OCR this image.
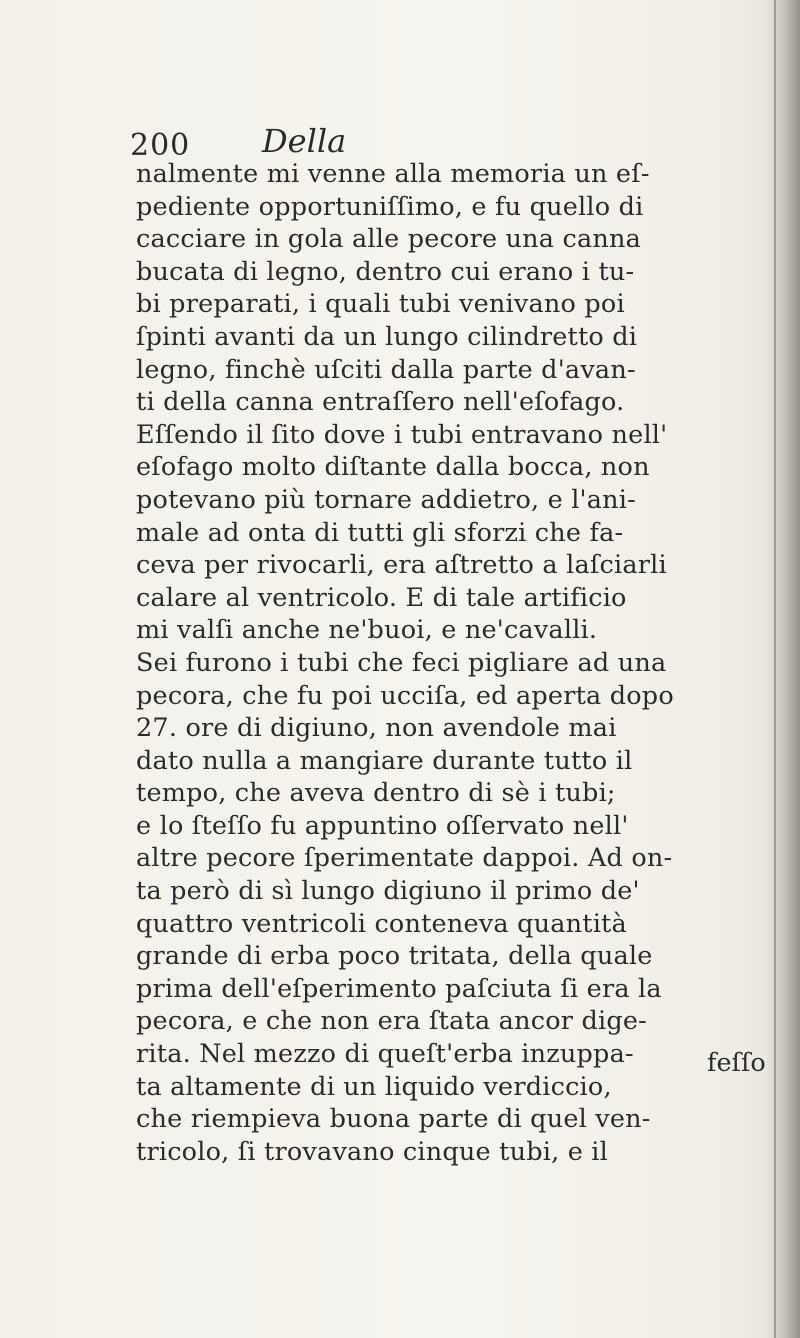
200 Della
nalmente mi venne alla memoria un eſ-
pediente opportuniſſimo, e fu quello di
cacciare in gola alle pecore una canna
bucata di legno, dentro cui erano i tu-
bi preparati, i quali tubi venivano poi
ſpinti avanti da un lungo cilindretto di
legno, finchè uſciti dalla parte d'avan-
ti della canna entraſſero nell'eſofago.
Eſſendo il ſito dove i tubi entravano nell'
eſofago molto diſtante dalla bocca, non
potevano più tornare addietro, e l'ani-
male ad onta di tutti gli sforzi che fa-
ceva per rivocarli, era aſtretto a laſciarli
calare al ventricolo. E di tale artificio
mi valſi anche ne'buoi, e ne'cavalli.
Sei furono i tubi che feci pigliare ad una
pecora, che fu poi ucciſa, ed aperta dopo
27. ore di digiuno, non avendole mai
dato nulla a mangiare durante tutto il
tempo, che aveva dentro di sè i tubi;
e lo ſteſſo fu appuntino oſſervato nell'
altre pecore ſperimentate dappoi. Ad on-
ta però di sì lungo digiuno il primo de'
quattro ventricoli conteneva quantità
grande di erba poco tritata, della quale
prima dell'eſperimento paſciuta ſi era la
pecora, e che non era ſtata ancor dige-
rita. Nel mezzo di queſt'erba inzuppa-
ta altamente di un liquido verdiccio,
che riempieva buona parte di quel ven-
tricolo, ſi trovavano cinque tubi, e il
feſſo
